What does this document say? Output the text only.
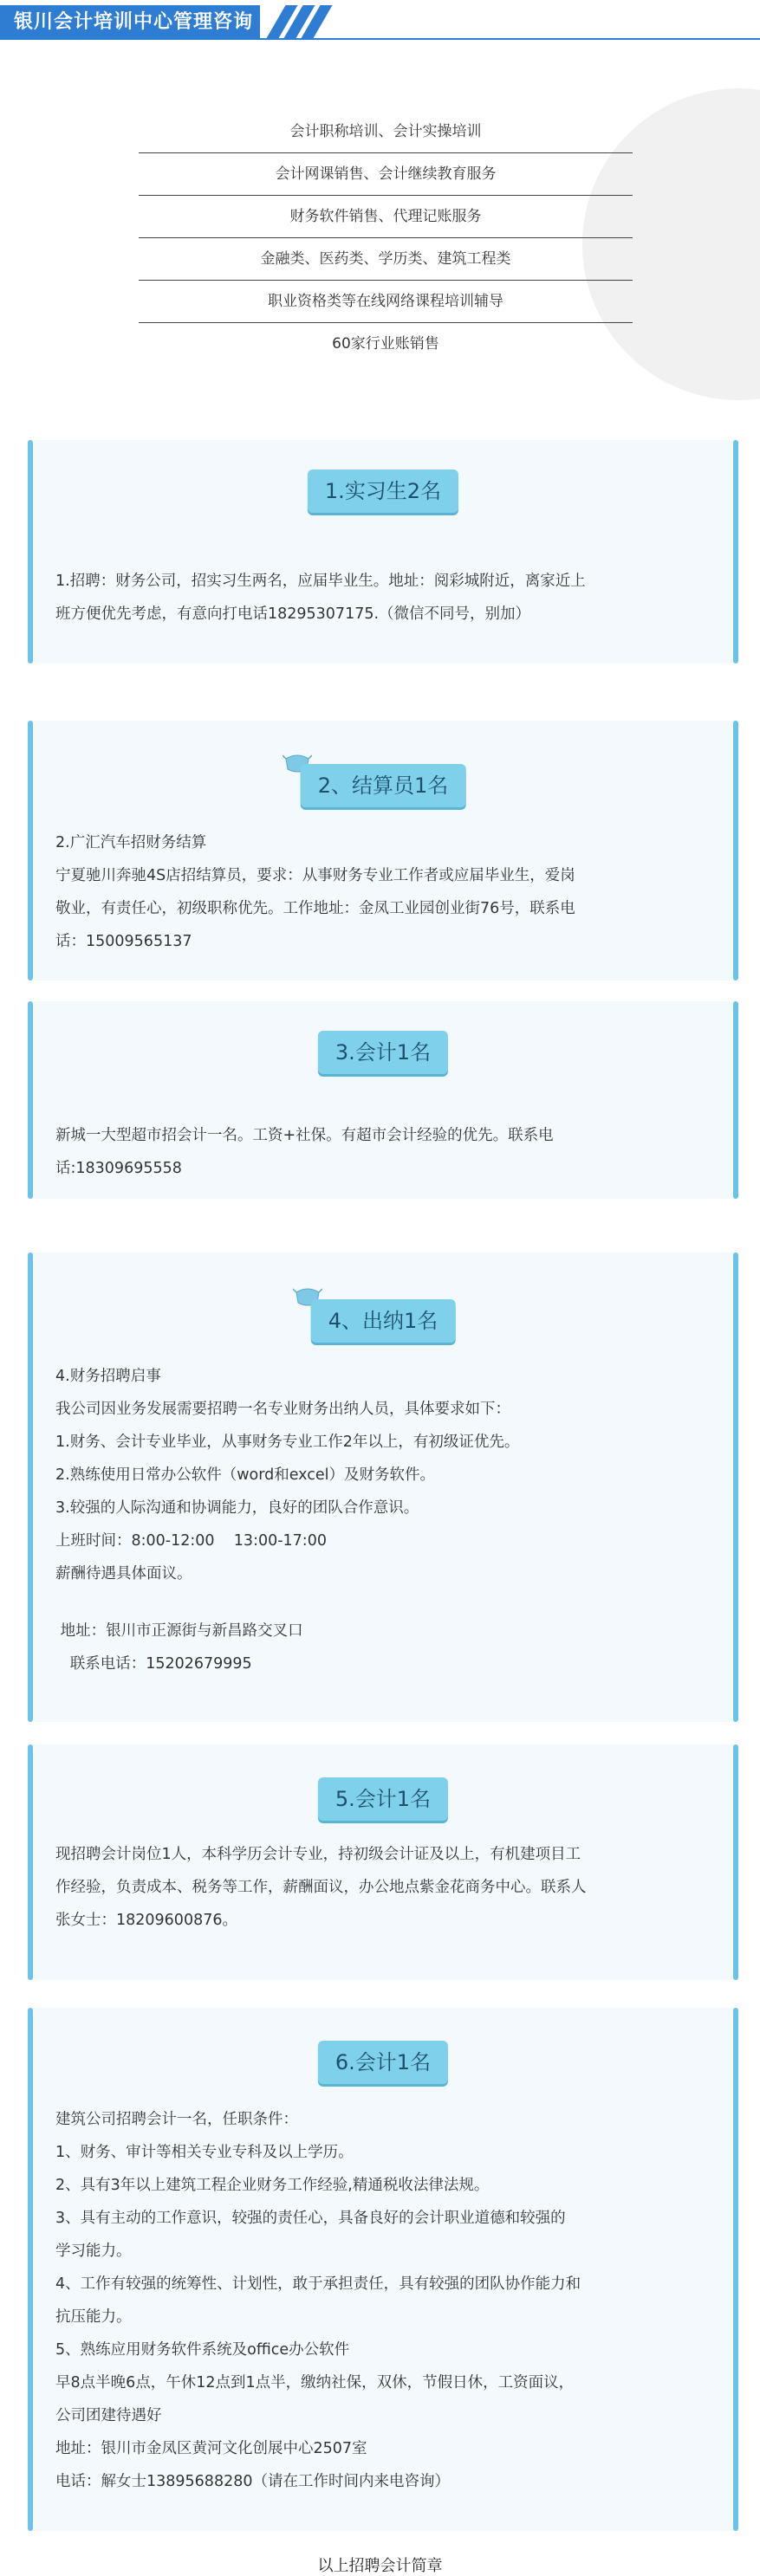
银川会计培训中心管理咨询
会计职称培训、会计实操培训
会计网课销售、会计继续教育服务
财务软件销售、代理记账服务
金融类、医药类、学历类、建筑工程类
职业资格类等在线网络课程培训辅导
60家行业账销售
1.实习生2名
1.招聘：财务公司，招实习生两名，应届毕业生。地址：阅彩城附近，离家近上
班方便优先考虑，有意向打电话18295307175.（微信不同号，别加）
2、结算员1名
2.广汇汽车招财务结算
宁夏驰川奔驰4S店招结算员，要求：从事财务专业工作者或应届毕业生，爱岗
敬业，有责任心，初级职称优先。工作地址：金凤工业园创业街76号，联系电
话：15009565137
3.会计1名
新城一大型超市招会计一名。工资+社保。有超市会计经验的优先。联系电
话:18309695558
4、出纳1名
4.财务招聘启事
我公司因业务发展需要招聘一名专业财务出纳人员，具体要求如下：
1.财务、会计专业毕业，从事财务专业工作2年以上，有初级证优先。
2.熟练使用日常办公软件（word和excel）及财务软件。
3.较强的人际沟通和协调能力，良好的团队合作意识。
上班时间：8:00-12:00    13:00-17:00
薪酬待遇具体面议。
地址：银川市正源街与新昌路交叉口
联系电话：15202679995
5.会计1名
现招聘会计岗位1人，本科学历会计专业，持初级会计证及以上，有机建项目工
作经验，负责成本、税务等工作，薪酬面议，办公地点紫金花商务中心。联系人
张女士：18209600876。
6.会计1名
建筑公司招聘会计一名，任职条件：
1、财务、审计等相关专业专科及以上学历。
2、具有3年以上建筑工程企业财务工作经验,精通税收法律法规。
3、具有主动的工作意识，较强的责任心，具备良好的会计职业道德和较强的
学习能力。
4、工作有较强的统筹性、计划性，敢于承担责任，具有较强的团队协作能力和
抗压能力。
5、熟练应用财务软件系统及office办公软件
早8点半晚6点，午休12点到1点半，缴纳社保，双休，节假日休，工资面议，
公司团建待遇好
地址：银川市金凤区黄河文化创展中心2507室
电话：解女士13895688280（请在工作时间内来电咨询）
以上招聘会计简章
